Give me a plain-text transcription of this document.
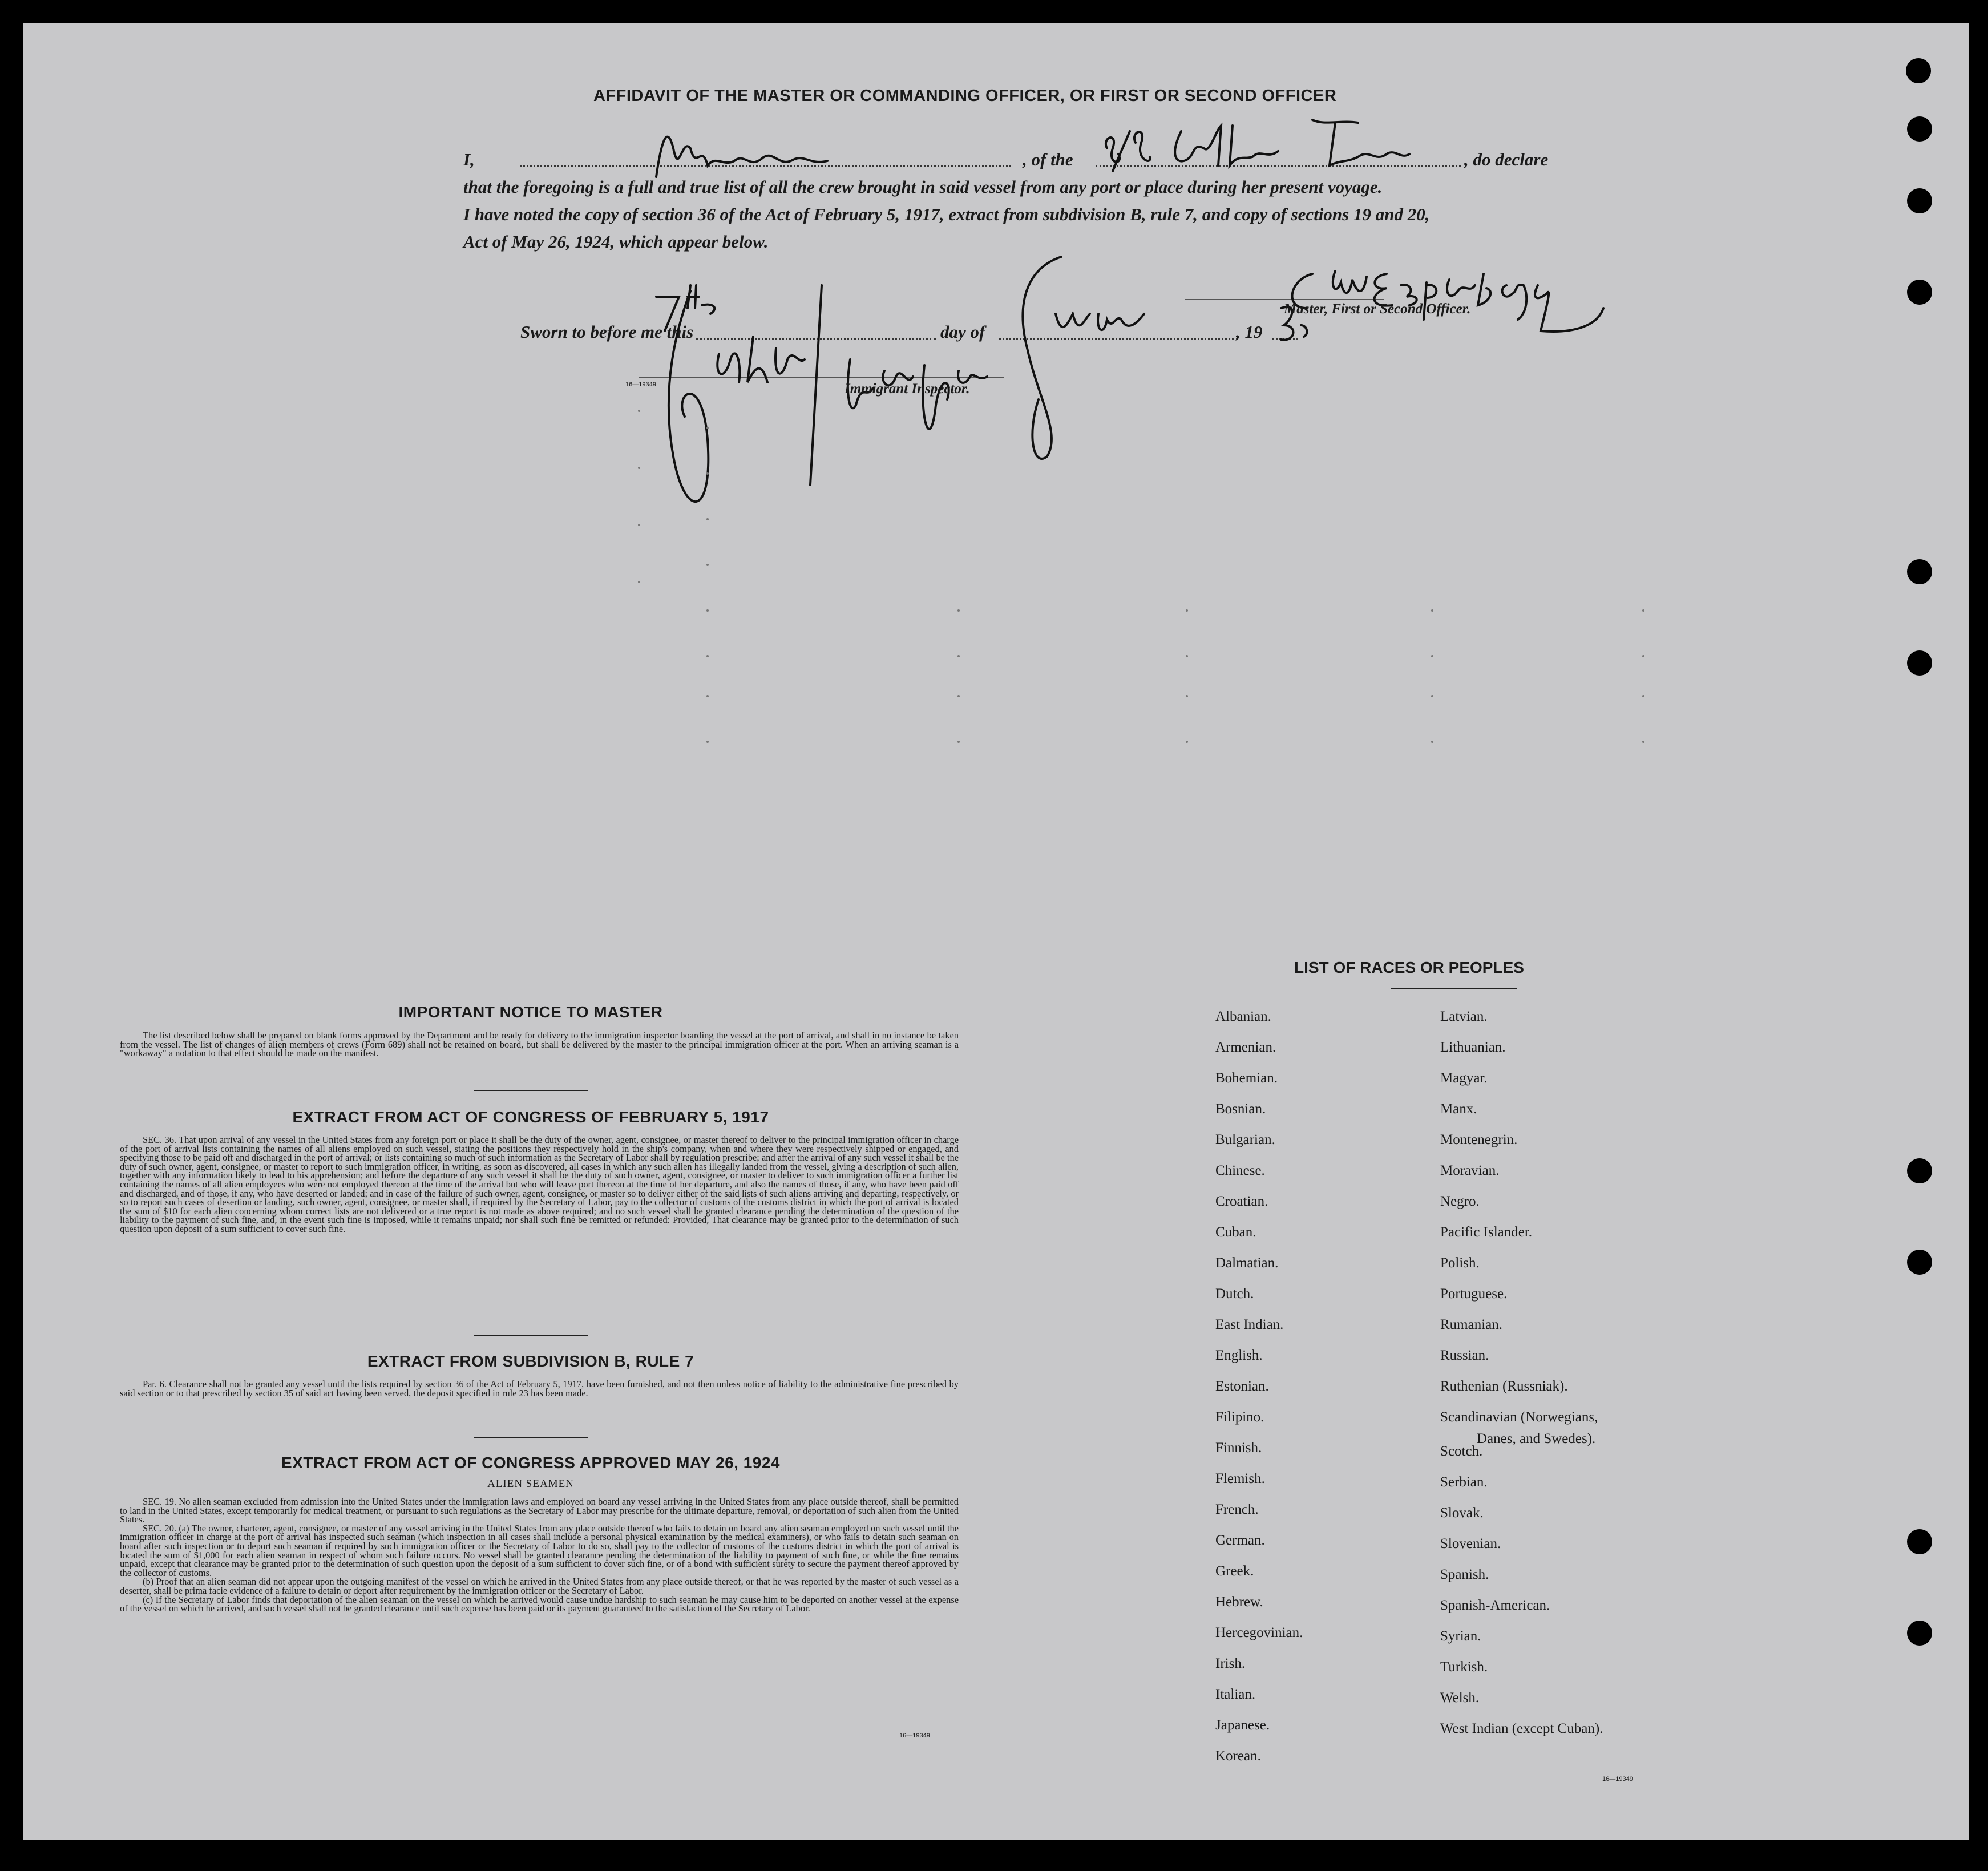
AFFIDAVIT OF THE MASTER OR COMMANDING OFFICER, OR FIRST OR SECOND OFFICER
I,	, of the	, do declare
that the foregoing is a full and true list of all the crew brought in said vessel from any port or place during her present voyage.
I have noted the copy of section 36 of the Act of February 5, 1917, extract from subdivision B, rule 7, and copy of sections 19 and 20,
Act of May 26, 1924, which appear below.
Sworn to before me this	day of	, 19
Master, First or Second Officer.
Immigrant Inspector.
16—19349
IMPORTANT NOTICE TO MASTER
The list described below shall be prepared on blank forms approved by the Department and be ready for delivery to the immigration inspector boarding the vessel at the port of arrival, and shall in no instance be taken from the vessel. The list of changes of alien members of crews (Form 689) shall not be retained on board, but shall be delivered by the master to the principal immigration officer at the port. When an arriving seaman is a "workaway" a notation to that effect should be made on the manifest.
EXTRACT FROM ACT OF CONGRESS OF FEBRUARY 5, 1917
SEC. 36. That upon arrival of any vessel in the United States from any foreign port or place it shall be the duty of the owner, agent, consignee, or master thereof to deliver to the principal immigration officer in charge of the port of arrival lists containing the names of all aliens employed on such vessel, stating the positions they respectively hold in the ship's company, when and where they were respectively shipped or engaged, and specifying those to be paid off and discharged in the port of arrival; or lists containing so much of such information as the Secretary of Labor shall by regulation prescribe; and after the arrival of any such vessel it shall be the duty of such owner, agent, consignee, or master to report to such immigration officer, in writing, as soon as discovered, all cases in which any such alien has illegally landed from the vessel, giving a description of such alien, together with any information likely to lead to his apprehension; and before the departure of any such vessel it shall be the duty of such owner, agent, consignee, or master to deliver to such immigration officer a further list containing the names of all alien employees who were not employed thereon at the time of the arrival but who will leave port thereon at the time of her departure, and also the names of those, if any, who have been paid off and discharged, and of those, if any, who have deserted or landed; and in case of the failure of such owner, agent, consignee, or master so to deliver either of the said lists of such aliens arriving and departing, respectively, or so to report such cases of desertion or landing, such owner, agent, consignee, or master shall, if required by the Secretary of Labor, pay to the collector of customs of the customs district in which the port of arrival is located the sum of $10 for each alien concerning whom correct lists are not delivered or a true report is not made as above required; and no such vessel shall be granted clearance pending the determination of the question of the liability to the payment of such fine, and, in the event such fine is imposed, while it remains unpaid; nor shall such fine be remitted or refunded: Provided, That clearance may be granted prior to the determination of such question upon deposit of a sum sufficient to cover such fine.
EXTRACT FROM SUBDIVISION B, RULE 7
Par. 6. Clearance shall not be granted any vessel until the lists required by section 36 of the Act of February 5, 1917, have been furnished, and not then unless notice of liability to the administrative fine prescribed by said section or to that prescribed by section 35 of said act having been served, the deposit specified in rule 23 has been made.
EXTRACT FROM ACT OF CONGRESS APPROVED MAY 26, 1924
ALIEN SEAMEN

SEC. 19. No alien seaman excluded from admission into the United States under the immigration laws and employed on board any vessel arriving in the United States from any place outside thereof, shall be permitted to land in the United States, except temporarily for medical treatment, or pursuant to such regulations as the Secretary of Labor may prescribe for the ultimate departure, removal, or deportation of such alien from the United States.

SEC. 20. (a) The owner, charterer, agent, consignee, or master of any vessel arriving in the United States from any place outside thereof who fails to detain on board any alien seaman employed on such vessel until the immigration officer in charge at the port of arrival has inspected such seaman (which inspection in all cases shall include a personal physical examination by the medical examiners), or who fails to detain such seaman on board after such inspection or to deport such seaman if required by such immigration officer or the Secretary of Labor to do so, shall pay to the collector of customs of the customs district in which the port of arrival is located the sum of $1,000 for each alien seaman in respect of whom such failure occurs. No vessel shall be granted clearance pending the determination of the liability to payment of such fine, or while the fine remains unpaid, except that clearance may be granted prior to the determination of such question upon the deposit of a sum sufficient to cover such fine, or of a bond with sufficient surety to secure the payment thereof approved by the collector of customs.

(b) Proof that an alien seaman did not appear upon the outgoing manifest of the vessel on which he arrived in the United States from any place outside thereof, or that he was reported by the master of such vessel as a deserter, shall be prima facie evidence of a failure to detain or deport after requirement by the immigration officer or the Secretary of Labor.

(c) If the Secretary of Labor finds that deportation of the alien seaman on the vessel on which he arrived would cause undue hardship to such seaman he may cause him to be deported on another vessel at the expense of the vessel on which he arrived, and such vessel shall not be granted clearance until such expense has been paid or its payment guaranteed to the satisfaction of the Secretary of Labor.

16—19349
LIST OF RACES OR PEOPLES
Danes, and Swedes).
16—19349
Albanian.
Armenian.
Bohemian.
Bosnian.
Bulgarian.
Chinese.
Croatian.
Cuban.
Dalmatian.
Dutch.
East Indian.
English.
Estonian.
Filipino.
Finnish.
Flemish.
French.
German.
Greek.
Hebrew.
Hercegovinian.
Irish.
Italian.
Japanese.
Korean.
Latvian.
Lithuanian.
Magyar.
Manx.
Montenegrin.
Moravian.
Negro.
Pacific Islander.
Polish.
Portuguese.
Rumanian.
Russian.
Ruthenian (Russniak).
Scandinavian (Norwegians,
Scotch.
Serbian.
Slovak.
Slovenian.
Spanish.
Spanish-American.
Syrian.
Turkish.
Welsh.
West Indian (except Cuban).
